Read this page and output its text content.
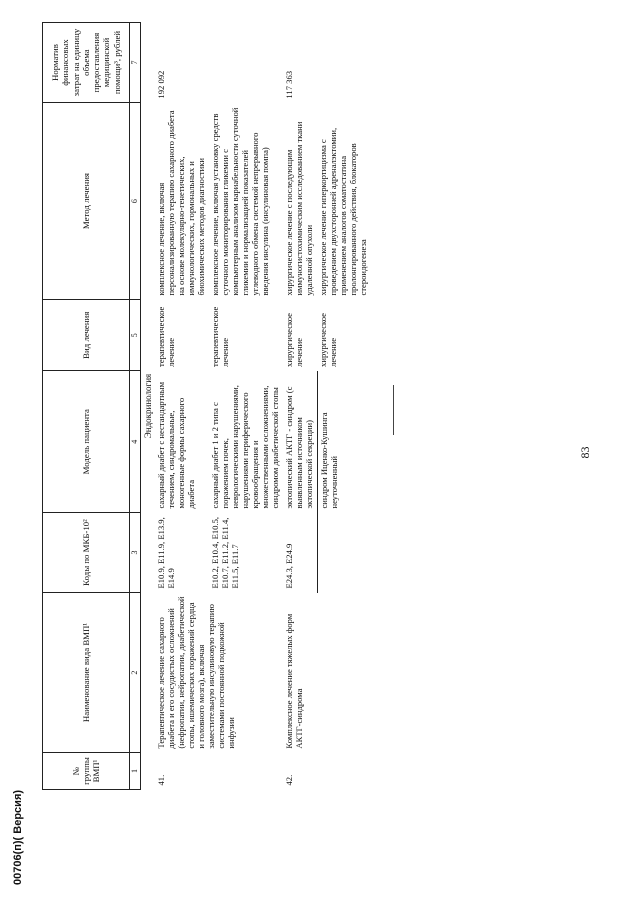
83
№ группы ВМП¹	Наименование вида ВМП¹	Коды по МКБ-10²	Модель пациента	Вид лечения	Метод лечения	Норматив финансовых затрат на единицу объема предоставления медицинской помощи³, рублей
1	2	3	4	5	6	7
Эндокринология						
41.	Терапевтическое лечение сахарного диабета и его сосудистых осложнений (нефропатии, нейропатии, диабетической стопы, ишемических поражений сердца и головного мозга), включая заместительную инсулиновую терапию системами постоянной подкожной инфузии	E10.9, E11.9, E13.9, E14.9	сахарный диабет с нестандартным течением, синдромальные, моногенные формы сахарного диабета	терапевтическое лечение	комплексное лечение, включая персонализированную терапию сахарного диабета на основе молекулярно-генетических, иммунологических, гормональных и биохимических методов диагностики	192 092
		E10.2, E10.4, E10.5, E10.7, E11.2, E11.4, E11.5, E11.7	сахарный диабет 1 и 2 типа с поражением почек, неврологическими нарушениями, нарушениями периферического кровообращения и множественными осложнениями, синдромом диабетической стопы	терапевтическое лечение	комплексное лечение, включая установку средств суточного мониторирования гликемии с компьютерным анализом вариабельности суточной гликемии и нормализацией показателей углеводного обмена системой непрерывного введения инсулина (инсулиновая помпа)	
42.	Комплексное лечение тяжелых форм АКТГ-синдрома	E24.3, E24.9	эктопический АКТГ - синдром (с выявленным источником эктопической секреции)	хирургическое лечение	хирургическое лечение с последующим иммуногистохимическим исследованием ткани удаленной опухоли	117 363
			синдром Иценко-Кушинга неуточненный	хирургическое лечение	хирургическое лечение гиперкортицизма с проведением двухсторонней адреналэктомии, применением аналогов соматостатина пролонгированного действия, блокаторов стероидогенеза	
00706(п)( Версия)
